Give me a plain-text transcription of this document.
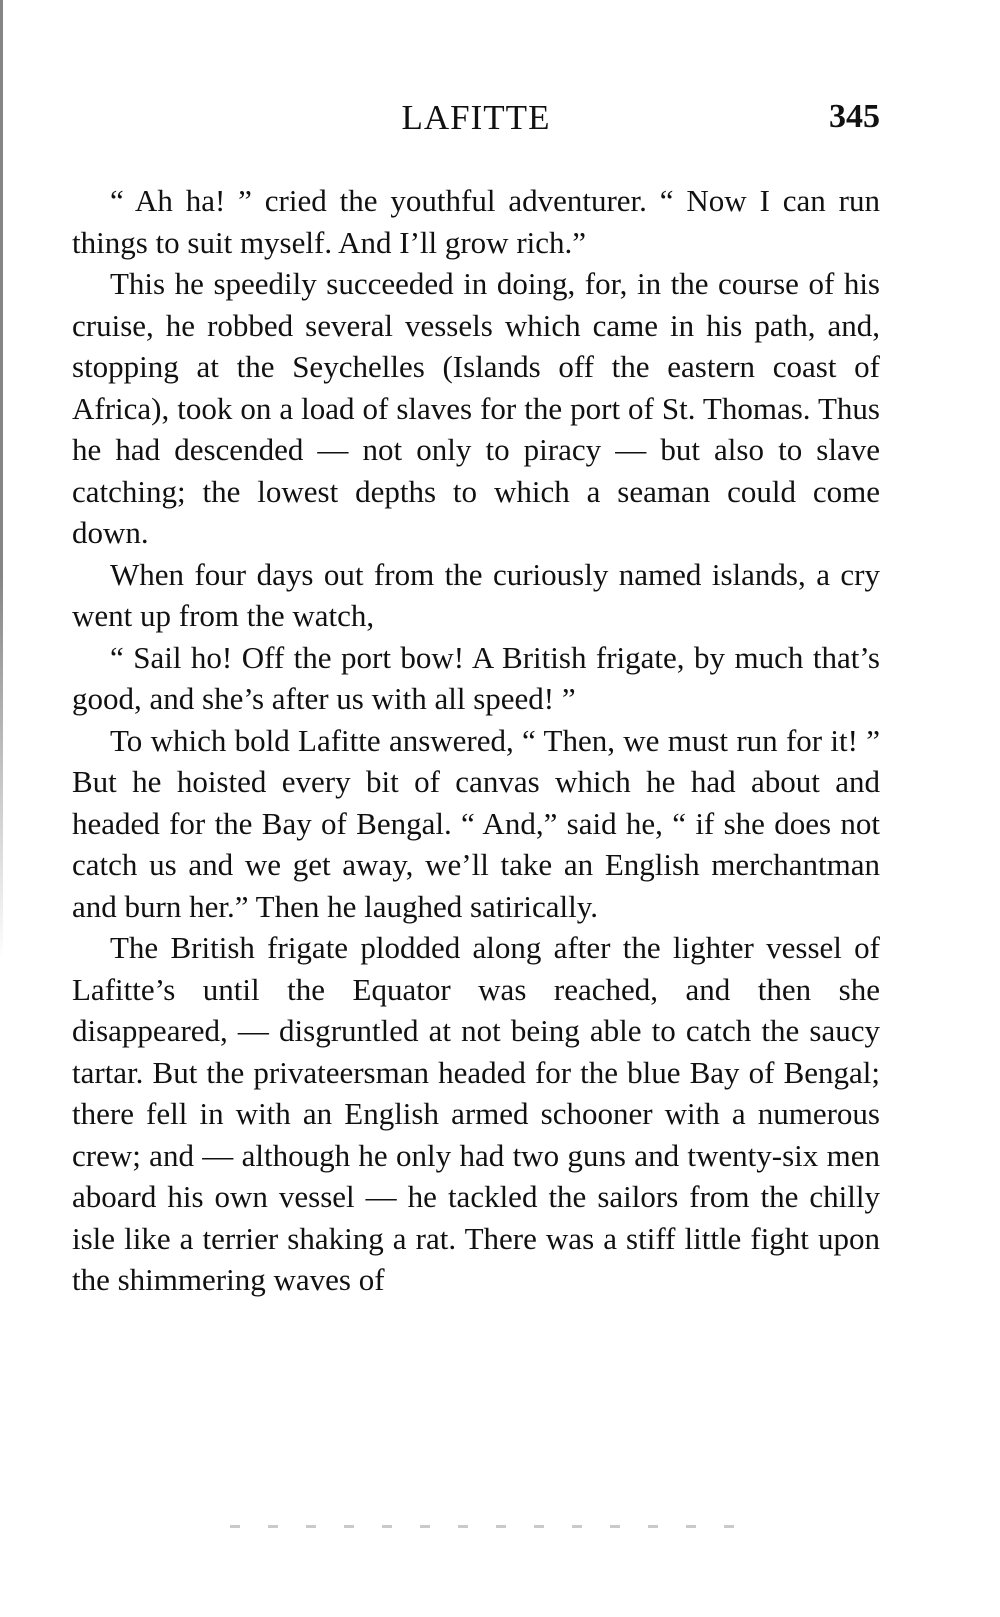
LAFITTE	345

“ Ah ha! ” cried the youthful adventurer. “ Now I can run things to suit myself. And I’ll grow rich.”

This he speedily succeeded in doing, for, in the course of his cruise, he robbed several vessels which came in his path, and, stopping at the Seychelles (Islands off the eastern coast of Africa), took on a load of slaves for the port of St. Thomas. Thus he had descended — not only to piracy — but also to slave catching; the lowest depths to which a seaman could come down.

When four days out from the curiously named islands, a cry went up from the watch,

“ Sail ho! Off the port bow! A British frigate, by much that’s good, and she’s after us with all speed! ”

To which bold Lafitte answered, “ Then, we must run for it! ” But he hoisted every bit of canvas which he had about and headed for the Bay of Bengal. “ And,” said he, “ if she does not catch us and we get away, we’ll take an English merchantman and burn her.” Then he laughed satirically.

The British frigate plodded along after the lighter vessel of Lafitte’s until the Equator was reached, and then she disappeared, — disgruntled at not being able to catch the saucy tartar. But the privateersman headed for the blue Bay of Bengal; there fell in with an English armed schooner with a numerous crew; and — although he only had two guns and twenty-six men aboard his own vessel — he tackled the sailors from the chilly isle like a terrier shaking a rat. There was a stiff little fight upon the shimmering waves of
